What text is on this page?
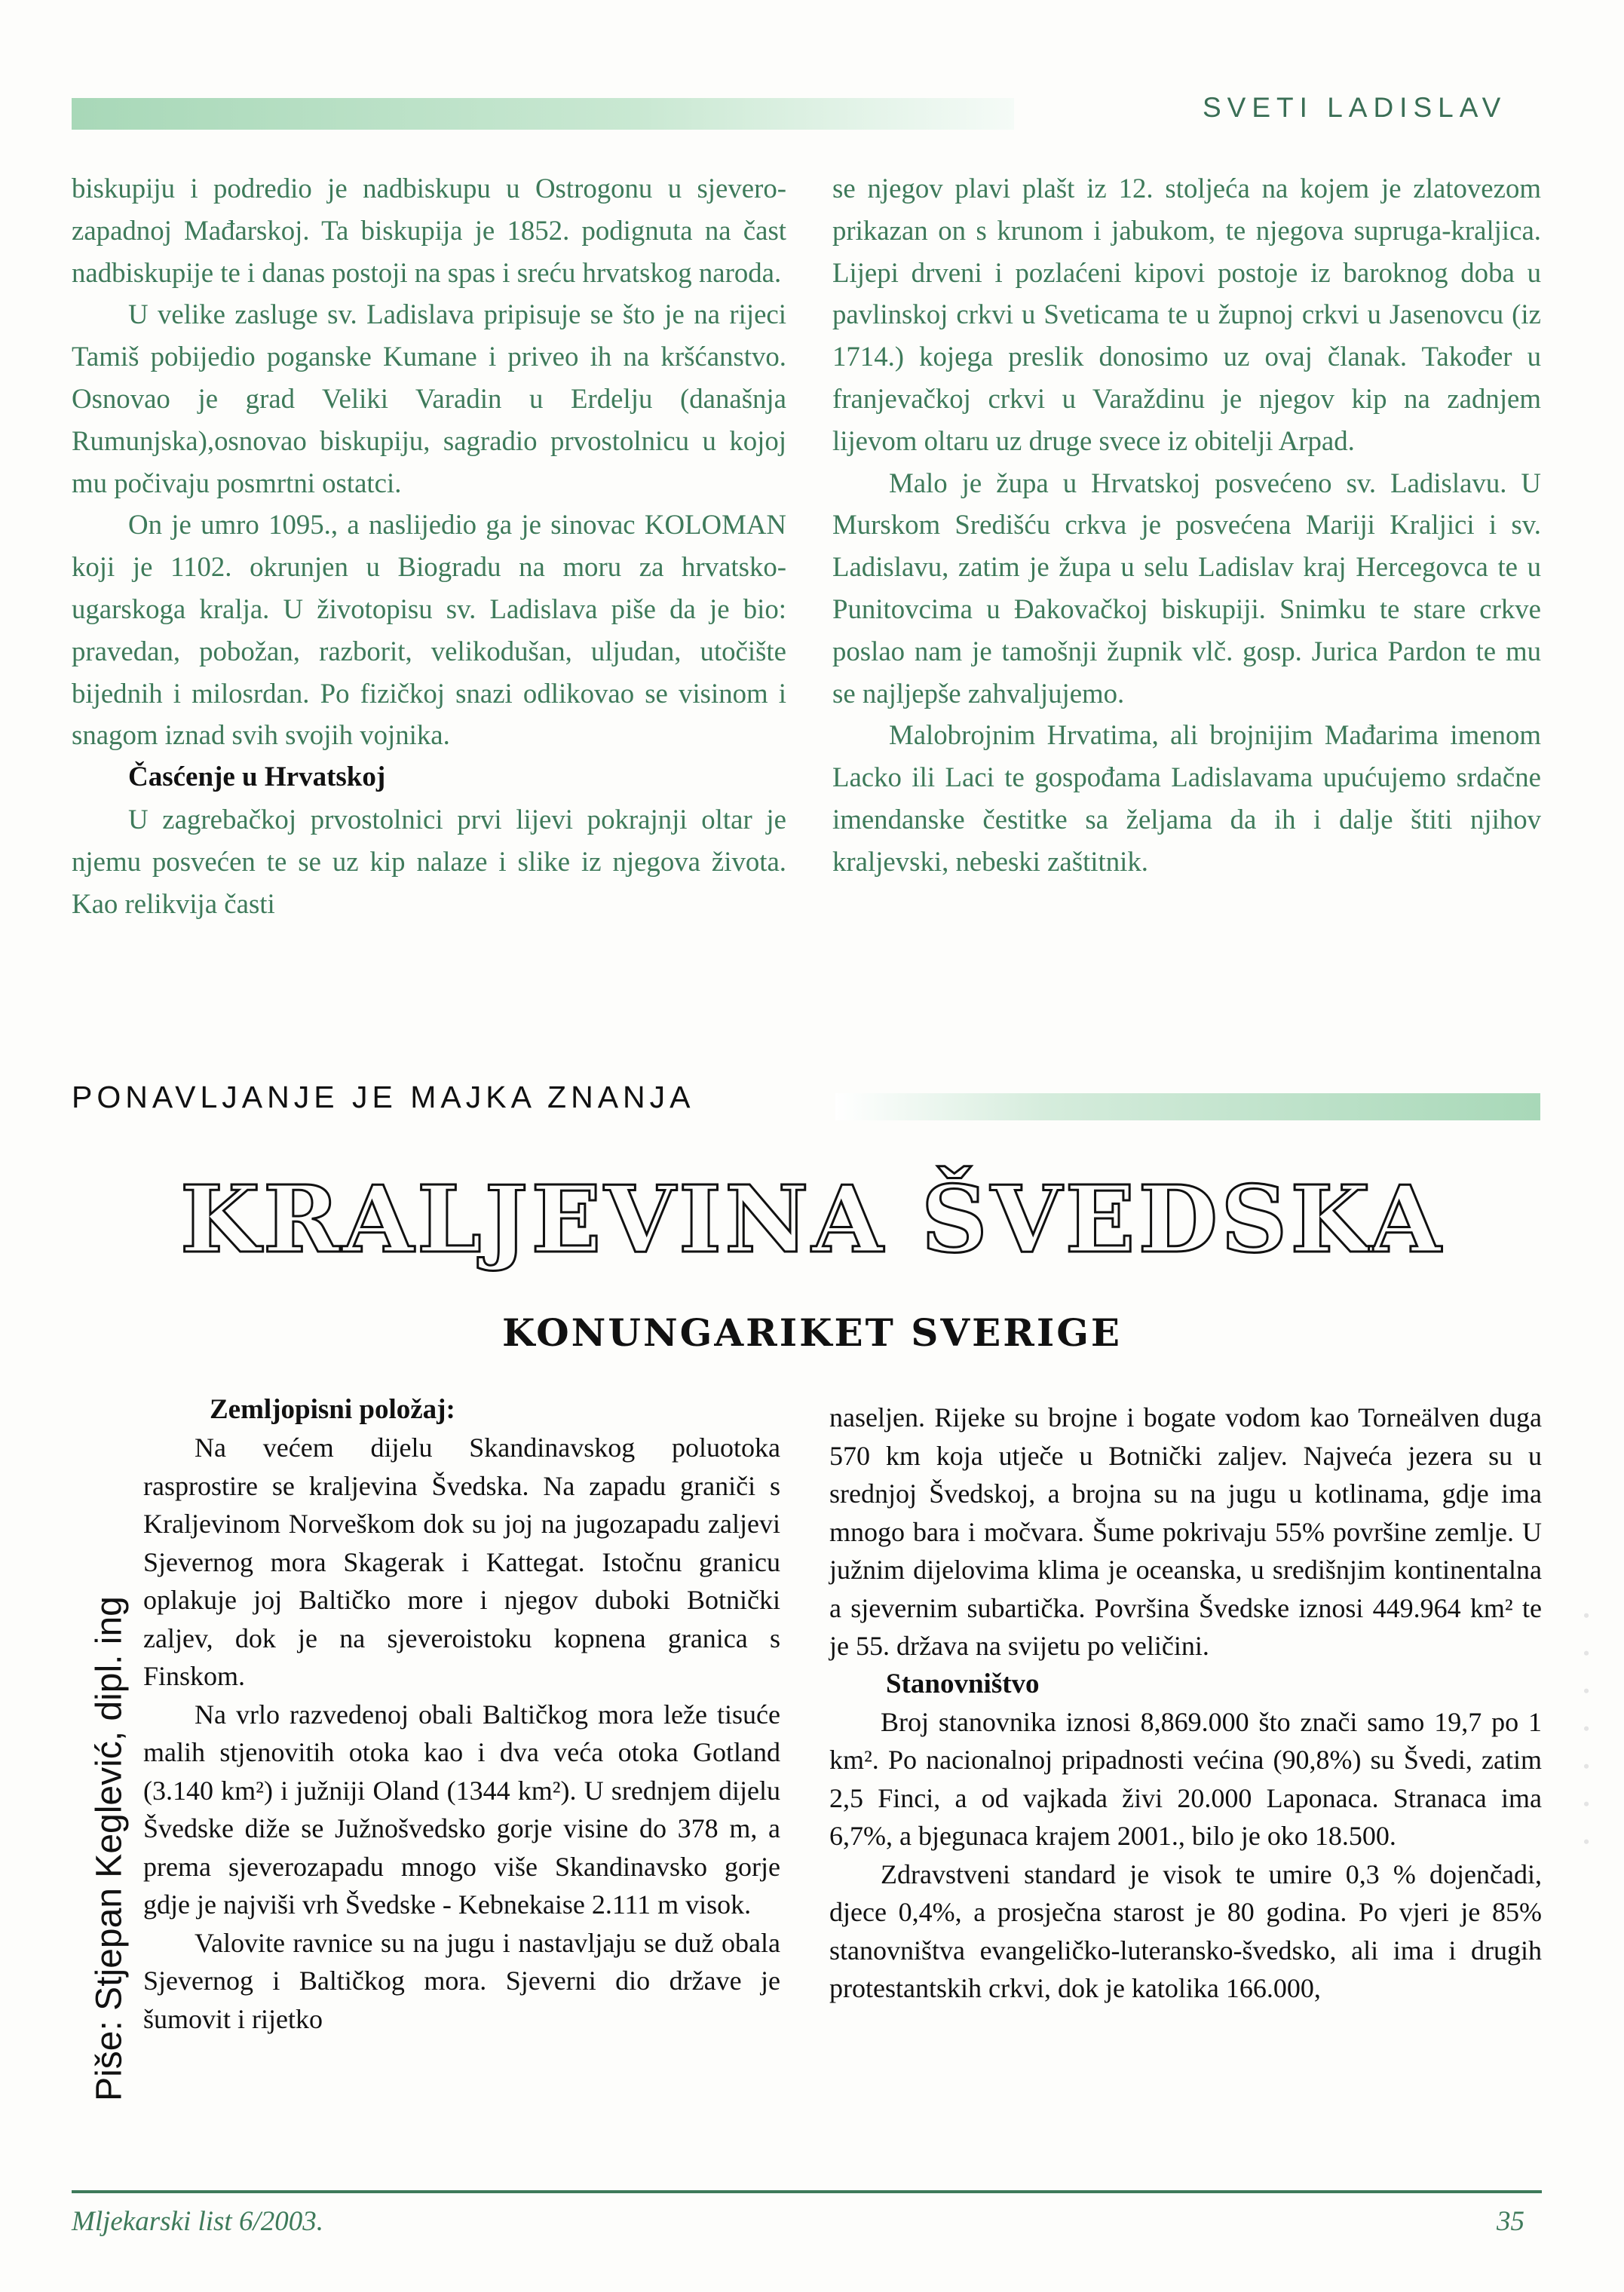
SVETI LADISLAV

biskupiju i podredio je nadbiskupu u Ostrogonu u sjevero-zapadnoj Mađarskoj. Ta biskupija je 1852. podignuta na čast nadbiskupije te i danas postoji na spas i sreću hrvatskog naroda.

U velike zasluge sv. Ladislava pripisuje se što je na rijeci Tamiš pobijedio poganske Kumane i priveo ih na kršćanstvo. Osnovao je grad Veliki Varadin u Erdelju (današnja Rumunjska),osnovao biskupiju, sagradio prvostolnicu u kojoj mu počivaju posmrtni ostatci.

On je umro 1095., a naslijedio ga je sinovac KOLOMAN koji je 1102. okrunjen u Biogradu na moru za hrvatsko-ugarskoga kralja. U životopisu sv. Ladislava piše da je bio: pravedan, pobožan, razborit, velikodušan, uljudan, utočište bijednih i milosrdan. Po fizičkoj snazi odlikovao se visinom i snagom iznad svih svojih vojnika.

Časćenje u Hrvatskoj

U zagrebačkoj prvostolnici prvi lijevi pokrajnji oltar je njemu posvećen te se uz kip nalaze i slike iz njegova života. Kao relikvija časti

se njegov plavi plašt iz 12. stoljeća na kojem je zlatovezom prikazan on s krunom i jabukom, te njegova supruga-kraljica. Lijepi drveni i pozlaćeni kipovi postoje iz baroknog doba u pavlinskoj crkvi u Sveticama te u župnoj crkvi u Jasenovcu (iz 1714.) kojega preslik donosimo uz ovaj članak. Također u franjevačkoj crkvi u Varaždinu je njegov kip na zadnjem lijevom oltaru uz druge svece iz obitelji Arpad.

Malo je župa u Hrvatskoj posvećeno sv. Ladislavu. U Murskom Središću crkva je posvećena Mariji Kraljici i sv. Ladislavu, zatim je župa u selu Ladislav kraj Hercegovca te u Punitovcima u Đakovačkoj biskupiji. Snimku te stare crkve poslao nam je tamošnji župnik vlč. gosp. Jurica Pardon te mu se najljepše zahvaljujemo.

Malobrojnim Hrvatima, ali brojnijim Mađarima imenom Lacko ili Laci te gospođama Ladislavama upućujemo srdačne imendanske čestitke sa željama da ih i dalje štiti njihov kraljevski, nebeski zaštitnik.

PONAVLJANJE JE MAJKA ZNANJA
KRALJEVINA ŠVEDSKA
KONUNGARIKET SVERIGE
Piše: Stjepan Keglević, dipl. ing
Zemljopisni položaj:

Na većem dijelu Skandinavskog poluotoka rasprostire se kraljevina Švedska. Na zapadu graniči s Kraljevinom Norveškom dok su joj na jugozapadu zaljevi Sjevernog mora Skagerak i Kattegat. Istočnu granicu oplakuje joj Baltičko more i njegov duboki Botnički zaljev, dok je na sjeveroistoku kopnena granica s Finskom.

Na vrlo razvedenoj obali Baltičkog mora leže tisuće malih stjenovitih otoka kao i dva veća otoka Gotland (3.140 km²) i južniji Oland (1344 km²). U srednjem dijelu Švedske diže se Južnošvedsko gorje visine do 378 m, a prema sjeverozapadu mnogo više Skandinavsko gorje gdje je najviši vrh Švedske - Kebnekaise 2.111 m visok.

Valovite ravnice su na jugu i nastavljaju se duž obala Sjevernog i Baltičkog mora. Sjeverni dio države je šumovit i rijetko

naseljen. Rijeke su brojne i bogate vodom kao Torneälven duga 570 km koja utječe u Botnički zaljev. Najveća jezera su u srednjoj Švedskoj, a brojna su na jugu u kotlinama, gdje ima mnogo bara i močvara. Šume pokrivaju 55% površine zemlje. U južnim dijelovima klima je oceanska, u središnjim kontinentalna a sjevernim subartička. Površina Švedske iznosi 449.964 km² te je 55. država na svijetu po veličini.

Stanovništvo

Broj stanovnika iznosi 8,869.000 što znači samo 19,7 po 1 km². Po nacionalnoj pripadnosti većina (90,8%) su Švedi, zatim 2,5 Finci, a od vajkada živi 20.000 Laponaca. Stranaca ima 6,7%, a bjegunaca krajem 2001., bilo je oko 18.500.

Zdravstveni standard je visok te umire 0,3 % dojenčadi, djece 0,4%, a prosječna starost je 80 godina. Po vjeri je 85% stanovništva evangeličko-luteransko-švedsko, ali ima i drugih protestantskih crkvi, dok je katolika 166.000,

. . . . . . .
Mljekarski list 6/2003.	35
